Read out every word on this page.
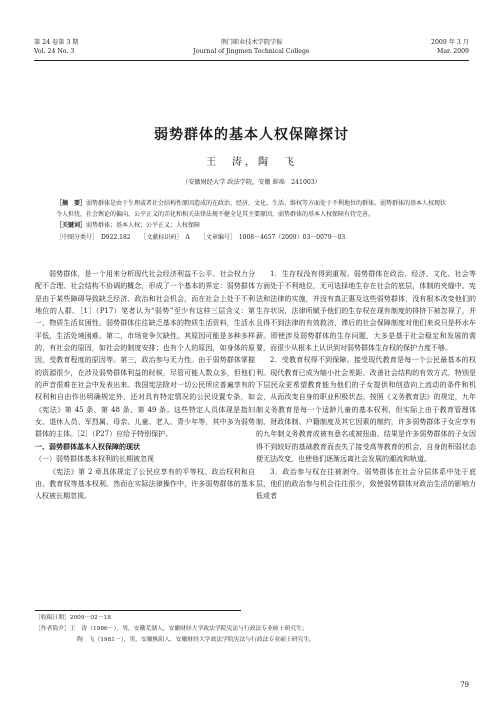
第 24 卷第 3 期
Vol. 24 No. 3
荆门职业技术学院学报
Journal of Jingmen Technical College
2009 年 3 月
Mar. 2009
弱势群体的基本人权保障探讨
王　涛，陶　飞
（安徽财经大学 政法学院，安徽 蚌埠　241003）
［摘　要］弱势群体是由于生理或者社会结构性原因造成的在政治、经济、文化、生活、维权等方面处于不利地位的群体。弱势群体的基本人权现状令人担忧，社会舆论的偏向、公平正义的弄化和相关法律法规不健全是其主要原因，弱势群体的基本人权保障有待完善。
［关键词］弱势群体；基本人权；公平正义；人权保障
［中图分类号］　D922.182 ［文献标识码］　A ［文章编号］　1008－4657（2009）03－0079－03

弱势群体，是一个用来分析现代社会经济利益不公平、社会权力分配不合理、社会结构不协调的概念，形成了一个基本的界定：弱势群体是由于某些障碍导致缺乏经济、政治和社会机会，而在社会上处于不利地位的人群。［1］（P17）笔者认为“弱势”至少有这样三层含义：第一，物质生活贫困性。弱势群体往往缺乏基本的物质生活资料，生活水平低，生活处境困难。第二，市场竞争欠缺性。其原因可能是多种多样的，有社会的原因，如社会的制度安排；也有个人的原因，如身体的原因，受教育程度的原因等。第三，政治参与无力性。由于弱势群体掌握的资源很少，在涉及弱势群体利益的时候，尽管可能人数众多，但他们的声音很难在社会中发表出来。我国宪法除对一切公民所应普遍享有的权利和自由作出明确规定外，还对具有特定情况的公民设置专条，如《宪法》第 45 条、第 48 条、第 49 条。这些特定人员体现是指妇女、退休人员、军烈属、母亲、儿童、老人、青少年等，其中多为弱势群体的主体。［2］（P27）应给予特别保护。

一、弱势群体基本人权保障的现状

（一）弱势群体基本权利的长期被忽视

《宪法》第 2 章具体规定了公民应享有的平等权、政治权利和自由、教育权等基本权利。然而在实际法律操作中，许多弱势群体的基本人权被长期忽视。

1．生存权没有得到重视。弱势群体在政治、经济、文化、社会等方面处于不利地位，无可选择地生存在社会的底层，体制的夹缝中。宪法和法律的实施，并没有真正惠及这些弱势群体，没有根本改变他们的生存状况，法律所赋予他们的生存权在现有制度的排挤下被忽视了，并且得不到法律的有效救济，滞后的社会保障制度对他们来说只是杯水车薪。即使涉及弱势群体的生存问题，大多是基于社会稳定和发展的需要，而很少从根本上认识到对弱势群体生存权的保护力度不够。

2．受教育权得不到保障。接受现代教育是每一个公民最基本的权利。现代教育已成为缩小社会差距、改善社会结构的有效方式，特别是下层民众更希望教育能为他们的子女提供和创造向上流动的条件和机会，从而改变自身的职业积极状态。按照《义务教育法》的规定，九年制义务教育是每一个适龄儿童的基本权利，但实际上由于教育管理体制、财政体制、户籍制度及其它因素的制约，许多弱势群体子女应享有的九年制义务教育或被有意名或被扭曲，结果是许多弱势群体的子女因得不到较好的基础教育而丧失了接受高等教育的机会，自身的积弱状态便无法改变，也使他们逐渐远离社会发展的潮流和轨道。

3．政治参与权在往被剥夺。弱势群体在社会分层体系中处于底层，他们的政治参与机会往往很少，致使弱势群体对政治生活的影响力低或者

［收稿日期］2009－02－18
［作者简介］王　涛（1986－），男，安徽芜湖人，安徽财经大学政法学院宪法与行政法专业硕士研究生；
陶　飞（1981－），男，安徽枞阳人，安徽财经大学政法学院宪法与行政法专业硕士研究生。
79
